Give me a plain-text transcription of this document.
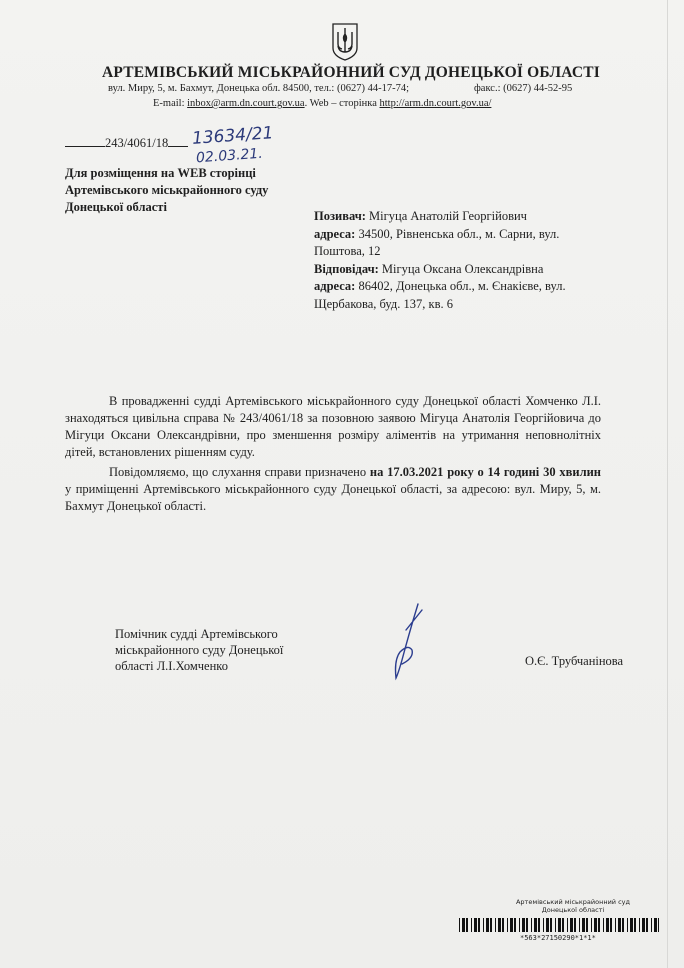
АРТЕМІВСЬКИЙ МІСЬКРАЙОННИЙ СУД ДОНЕЦЬКОЇ ОБЛАСТІ
вул. Миру, 5, м. Бахмут, Донецька обл. 84500, тел.: (0627) 44-17-74;	факс.: (0627) 44-52-95
E-mail: inbox@arm.dn.court.gov.ua. Web – сторінка http://arm.dn.court.gov.ua/
243/4061/18	13634/21
02.03.21.
Для розміщення на WEB сторінці
Артемівського міськрайонного суду
Донецької області
Позивач: Мігуца Анатолій Георгійович
адреса: 34500, Рівненська обл., м. Сарни, вул. Поштова, 12
Відповідач: Мігуца Оксана Олександрівна
адреса: 86402, Донецька обл., м. Єнакієве, вул. Щербакова, буд. 137, кв. 6

В провадженні судді Артемівського міськрайонного суду Донецької області Хомченко Л.І. знаходяться цивільна справа № 243/4061/18 за позовною заявою Мігуца Анатолія Георгійовича до Мігуци Оксани Олександрівни, про зменшення розміру аліментів на утримання неповнолітніх дітей, встановлених рішенням суду.

Повідомляємо, що слухання справи призначено на 17.03.2021 року о 14 годині 30 хвилин у приміщенні Артемівського міськрайонного суду Донецької області, за адресою: вул. Миру, 5, м. Бахмут Донецької області.

Помічник судді Артемівського
міськрайонного суду Донецької
області Л.І.Хомченко	О.Є. Трубчанінова
Артемівський міськрайонний суд
Донецької області
*563*27150290*1*1*
